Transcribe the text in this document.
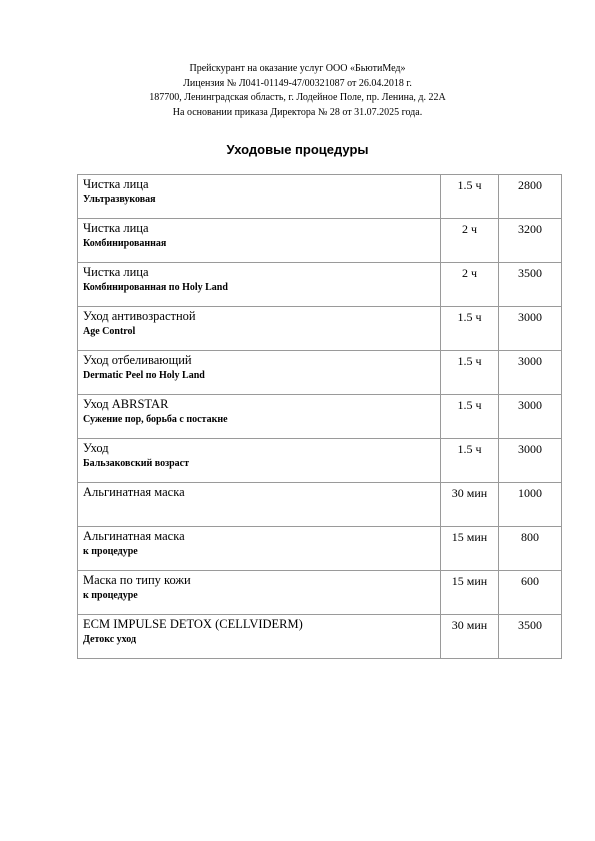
Прейскурант на оказание услуг ООО «БьютиМед»
Лицензия № Л041-01149-47/00321087 от 26.04.2018 г.
187700, Ленинградская область, г. Лодейное Поле, пр. Ленина, д. 22А
На основании приказа Директора № 28 от 31.07.2025 года.
Уходовые процедуры
Чистка лица
Ультразвуковая	1.5 ч	2800

Чистка лица
Комбинированная	2 ч	3200

Чистка лица
Комбинированная по Holy Land	2 ч	3500

Уход антивозрастной
Age Control	1.5 ч	3000

Уход отбеливающий
Dermatic Peel по Holy Land	1.5 ч	3000

Уход ABRSTAR
Сужение пор, борьба с постакне	1.5 ч	3000

Уход
Бальзаковский возраст	1.5 ч	3000

Альгинатная маска	30 мин	1000

Альгинатная маска
к процедуре	15 мин	800

Маска по типу кожи
к процедуре	15 мин	600

ECM IMPULSE DETOX (CELLVIDERM)
Детокс уход	30 мин	3500
